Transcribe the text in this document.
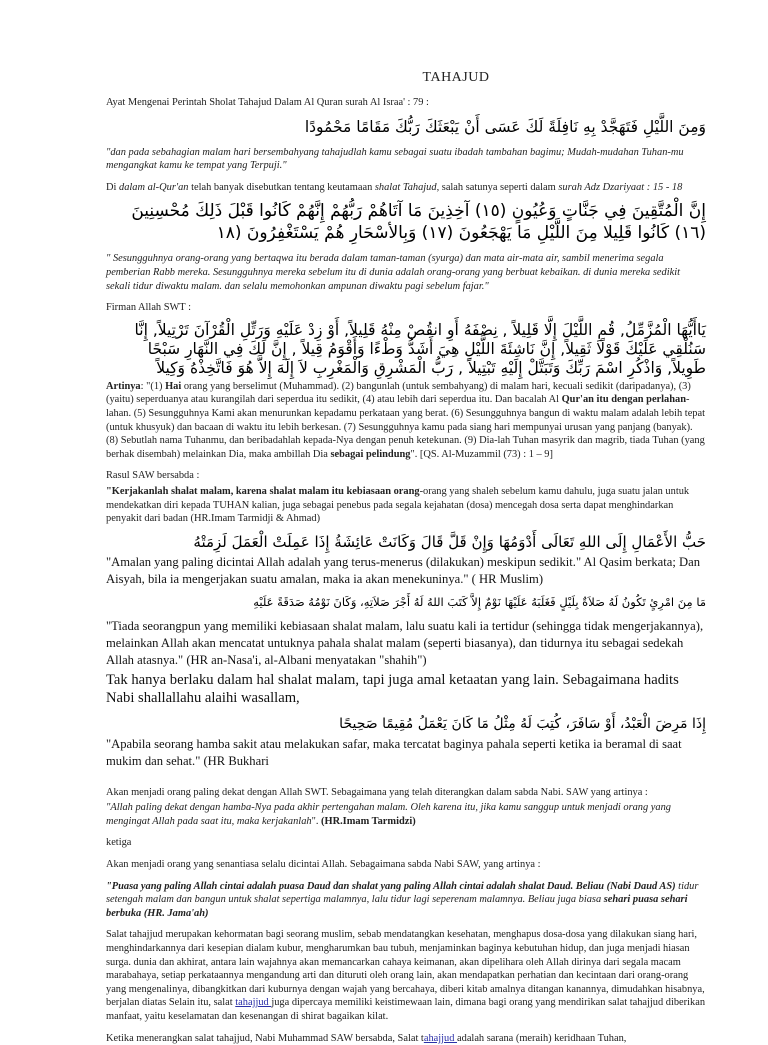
TAHAJUD
Ayat Mengenai Perintah Sholat Tahajud Dalam Al Quran surah Al Israa' : 79 :
وَمِنَ اللَّيْلِ فَتَهَجَّدْ بِهِ نَافِلَةً لَكَ عَسَى أَنْ يَبْعَثَكَ رَبُّكَ مَقَامًا مَحْمُودًا
"dan pada sebahagian malam hari bersembahyang tahajudlah kamu sebagai suatu ibadah tambahan bagimu; Mudah-mudahan Tuhan-mu mengangkat kamu ke tempat yang Terpuji."
Di dalam al-Qur'an telah banyak disebutkan tentang keutamaan shalat Tahajud, salah satunya seperti dalam surah Adz Dzariyaat : 15 - 18
إِنَّ الْمُتَّقِينَ فِي جَنَّاتٍ وَعُيُونٍ (١٥) آخِذِينَ مَا آتَاهُمْ رَبُّهُمْ إِنَّهُمْ كَانُوا قَبْلَ ذَلِكَ مُحْسِنِينَ (١٦) كَانُوا قَلِيلا مِنَ اللَّيْلِ مَا يَهْجَعُونَ (١٧) وَبِالأسْحَارِ هُمْ يَسْتَغْفِرُونَ (١٨
" Sesungguhnya orang-orang yang bertaqwa itu berada dalam taman-taman (syurga) dan mata air-mata air, sambil menerima segala pemberian Rabb mereka. Sesungguhnya mereka sebelum itu di dunia adalah orang-orang yang berbuat kebaikan. di dunia mereka sedikit sekali tidur diwaktu malam. dan selalu memohonkan ampunan diwaktu pagi sebelum fajar."
Firman Allah SWT :
يَاأَيُّهَا الْمُزَّمِّلُ, قُمِ اللَّيْلَ إِلَّا قَلِيلاً , نِصْفَهُ أَوِ انقُصْ مِنْهُ قَلِيلاً, أَوْ زِدْ عَلَيْهِ وَرَتِّلِ الْقُرْآنَ تَرْتِيلاً, إِنَّا سَنُلْقِي عَلَيْكَ قَوْلًا ثَقِيلاً, إِنَّ نَاشِئَةَ اللَّيْلِ هِيَ أَشَدُّ وَطْءًا وَأَقْوَمُ قِيلاً , إِنَّ لَكَ فِي النَّهَارِ سَبْحًا طَوِيلاً, وَاذْكُرِ اسْمَ رَبِّكَ وَتَبَتَّلْ إِلَيْهِ تَبْتِيلاً , رَبُّ الْمَشْرِقِ وَالْمَغْرِبِ لاَ إِلَهَ إِلاَّ هُوَ فَاتَّخِذْهُ وَكِيلاً
Artinya: "(1) Hai orang yang berselimut (Muhammad). (2) bangunlah (untuk sembahyang) di malam hari, kecuali sedikit (daripadanya), (3) (yaitu) seperduanya atau kurangilah dari seperdua itu sedikit, (4) atau lebih dari seperdua itu. Dan bacalah Al Qur'an itu dengan perlahan-lahan. (5) Sesungguhnya Kami akan menurunkan kepadamu perkataan yang berat. (6) Sesungguhnya bangun di waktu malam adalah lebih tepat (untuk khusyuk) dan bacaan di waktu itu lebih berkesan. (7) Sesungguhnya kamu pada siang hari mempunyai urusan yang panjang (banyak). (8) Sebutlah nama Tuhanmu, dan beribadahlah kepada-Nya dengan penuh ketekunan. (9) Dia-lah Tuhan masyrik dan magrib, tiada Tuhan (yang berhak disembah) melainkan Dia, maka ambillah Dia sebagai pelindung". [QS. Al-Muzammil (73) : 1 – 9]
Rasul SAW bersabda :
"Kerjakanlah shalat malam, karena shalat malam itu kebiasaan orang-orang yang shaleh sebelum kamu dahulu, juga suatu jalan untuk mendekatkan diri kepada TUHAN kalian, juga sebagai penebus pada segala kejahatan (dosa) mencegah dosa serta dapat menghindarkan penyakit dari badan (HR.Imam Tarmidji & Ahmad)
حَبُّ الأَعْمَالِ إِلَى اللهِ تَعَالَى أَدْوَمُهَا وَإِنْ قَلَّ قَالَ وَكَانَتْ عَائِشَةُ إِذَا عَمِلَتْ الْعَمَلَ لَزِمَتْهُ
"Amalan yang paling dicintai Allah adalah yang terus-menerus (dilakukan) meskipun sedikit." Al Qasim berkata; Dan Aisyah, bila ia mengerjakan suatu amalan, maka ia akan menekuninya." ( HR Muslim)
مَا مِنَ امْرِئٍ تَكُونُ لَهُ صَلاَةٌ بِلَيْلٍ فَغَلَبَهُ عَلَيْهَا نَوْمٌ إِلاَّ كَتَبَ اللهُ لَهُ أَجْرَ صَلاَتِهِ، وَكَانَ نَوْمُهُ صَدَقَةً عَلَيْهِ
"Tiada seorangpun yang memiliki kebiasaan shalat malam, lalu suatu kali ia tertidur (sehingga tidak mengerjakannya), melainkan Allah akan mencatat untuknya pahala shalat malam (seperti biasanya), dan tidurnya itu sebagai sedekah Allah atasnya." (HR an-Nasa'i, al-Albani menyatakan "shahih")
Tak hanya berlaku dalam hal shalat malam, tapi juga amal ketaatan yang lain. Sebagaimana hadits Nabi shallallahu alaihi wasallam,
إِذَا مَرِضَ الْعَبْدُ، أَوْ سَافَرَ، كُتِبَ لَهُ مِثْلُ مَا كَانَ يَعْمَلُ مُقِيمًا صَحِيحًا
"Apabila seorang hamba sakit atau melakukan safar, maka tercatat baginya pahala seperti ketika ia beramal di saat mukim dan sehat." (HR Bukhari
Akan menjadi orang paling dekat dengan Allah SWT. Sebagaimana yang telah diterangkan dalam sabda Nabi. SAW yang artinya :
"Allah paling dekat dengan hamba-Nya pada akhir pertengahan malam. Oleh karena itu, jika kamu sanggup untuk menjadi orang yang mengingat Allah pada saat itu, maka kerjakanlah". (HR.Imam Tarmidzi)
ketiga
Akan menjadi orang yang senantiasa selalu dicintai Allah. Sebagaimana sabda Nabi SAW, yang artinya :
"Puasa yang paling Allah cintai adalah puasa Daud dan shalat yang paling Allah cintai adalah shalat Daud. Beliau (Nabi Daud AS) tidur setengah malam dan bangun untuk shalat sepertiga malamnya, lalu tidur lagi seperenam malamnya. Beliau juga biasa sehari puasa sehari berbuka (HR. Jama'ah)
Salat tahajjud merupakan kehormatan bagi seorang muslim, sebab mendatangkan kesehatan, menghapus dosa-dosa yang dilakukan siang hari, menghindarkannya dari kesepian dialam kubur, mengharumkan bau tubuh, menjaminkan baginya kebutuhan hidup, dan juga menjadi hiasan surga. dunia dan akhirat, antara lain wajahnya akan memancarkan cahaya keimanan, akan dipelihara oleh Allah dirinya dari segala macam marabahaya, setiap perkataannya mengandung arti dan dituruti oleh orang lain, akan mendapatkan perhatian dan kecintaan dari orang-orang yang mengenalinya, dibangkitkan dari kuburnya dengan wajah yang bercahaya, diberi kitab amalnya ditangan kanannya, dimudahkan hisabnya, berjalan diatas Selain itu, salat tahajjud juga dipercaya memiliki keistimewaan lain, dimana bagi orang yang mendirikan salat tahajjud diberikan manfaat, yaitu keselamatan dan kesenangan di shirat bagaikan kilat.
Ketika menerangkan salat tahajjud, Nabi Muhammad SAW bersabda, Salat tahajjud adalah sarana (meraih) keridhaan Tuhan,
